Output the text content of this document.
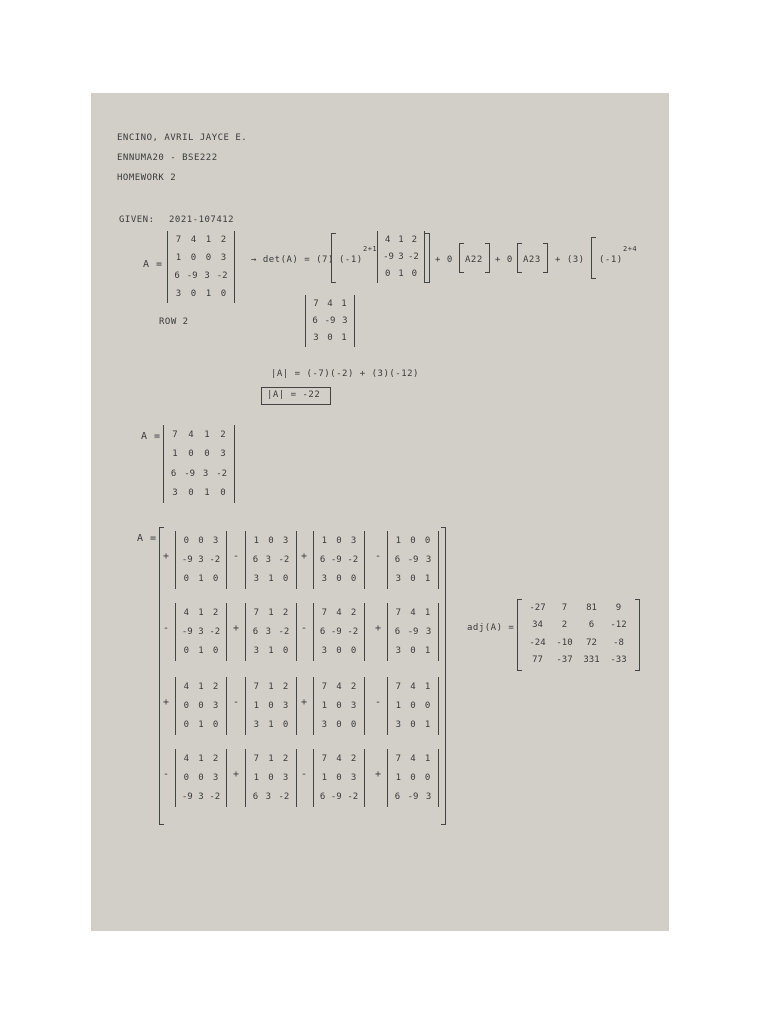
ENCINO, AVRIL JAYCE E.
ENNUMA20 - BSE222
HOMEWORK 2
GIVEN: 2021-107412
A =
7 4 1 2
1 0 0 3
6 -9 3 -2
3 0 1 0
→ det(A) = (7) (-1)
2+1
4 1 2
-9 3 -2
0 1 0
+ 0 A22 + 0 A23 + (3) (-1)
2+4
7 4 1
6 -9 3
3 0 1
ROW 2
|A| = (-7)(-2) + (3)(-12)
|A| = -22
A = 7 4 1 2
1 0 0 3
6 -9 3 -2
3 0 1 0
A =
+
0 0 3
-9 3 -2
0 1 0
-
1 0 3
6 3 -2
3 1 0
+
1 0 3
6 -9 -2
3 0 0
-
1 0 0
6 -9 3
3 0 1
-
4 1 2
-9 3 -2
0 1 0
+
7 1 2
6 3 -2
3 1 0
-
7 4 2
6 -9 -2
3 0 0
+
7 4 1
6 -9 3
3 0 1
+
4 1 2
0 0 3
0 1 0
-
7 1 2
1 0 3
3 1 0
+
7 4 2
1 0 3
3 0 0
-
7 4 1
1 0 0
3 0 1
-
4 1 2
0 0 3
-9 3 -2
+
7 1 2
1 0 3
6 3 -2
-
7 4 2
1 0 3
6 -9 -2
+
7 4 1
1 0 0
6 -9 3
adj(A) =
-27	7	81	9
34	2	6	-12
-24	-10	72	-8
77	-37	331	-33
